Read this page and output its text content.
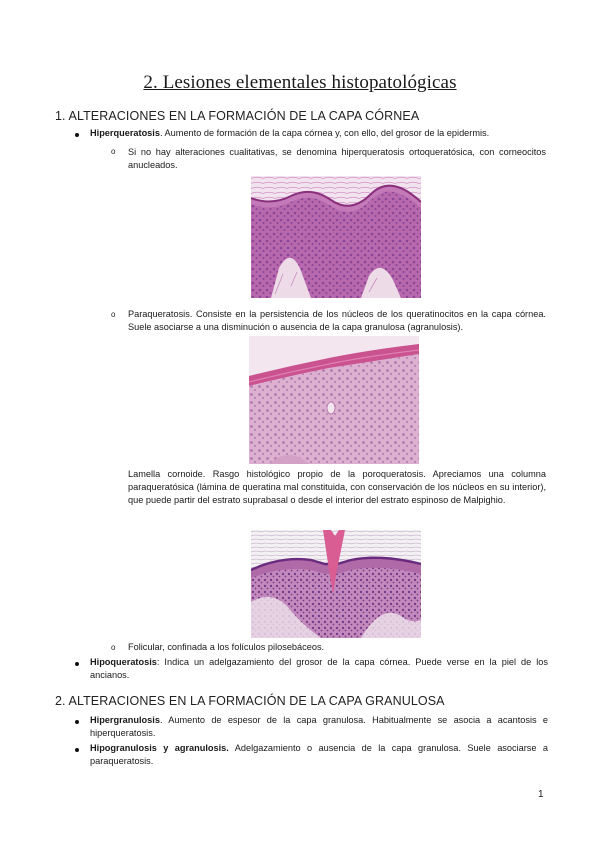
2. Lesiones elementales histopatológicas
1. ALTERACIONES EN LA FORMACIÓN DE LA CAPA CÓRNEA
Hiperqueratosis. Aumento de formación de la capa córnea y, con ello, del grosor de la epidermis.
o Si no hay alteraciones cualitativas, se denomina hiperqueratosis ortoqueratósica, con corneocitos anucleados.
o Paraqueratosis. Consiste en la persistencia de los núcleos de los queratinocitos en la capa córnea. Suele asociarse a una disminución o ausencia de la capa granulosa (agranulosis).
Lamella cornoide. Rasgo histológico propio de la poroqueratosis. Apreciamos una columna paraqueratósica (lámina de queratina mal constituida, con conservación de los núcleos en su interior), que puede partir del estrato suprabasal o desde el interior del estrato espinoso de Malpighio.
o Folicular, confinada a los folículos pilosebáceos.
Hipoqueratosis: Indica un adelgazamiento del grosor de la capa córnea. Puede verse en la piel de los ancianos.
2. ALTERACIONES EN LA FORMACIÓN DE LA CAPA GRANULOSA
Hipergranulosis. Aumento de espesor de la capa granulosa. Habitualmente se asocia a acantosis e hiperqueratosis.
Hipogranulosis y agranulosis. Adelgazamiento o ausencia de la capa granulosa. Suele asociarse a paraqueratosis.
1
